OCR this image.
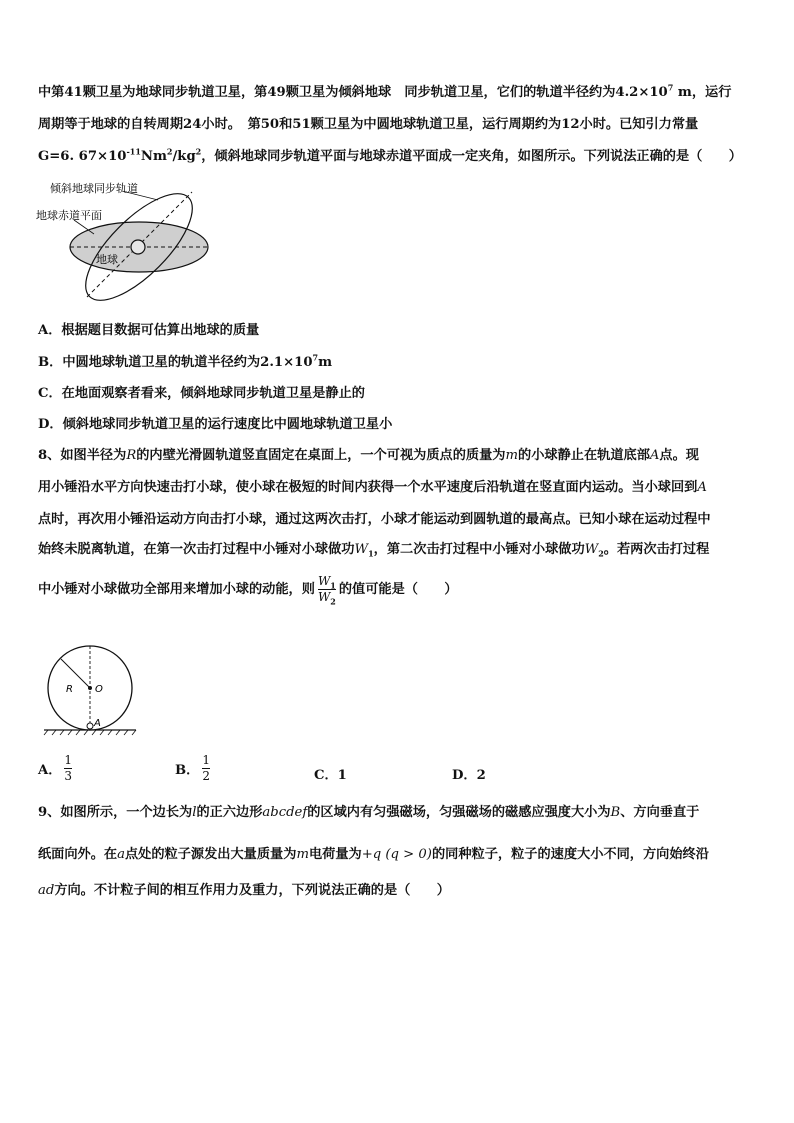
中第41颗卫星为地球同步轨道卫星，第49颗卫星为倾斜地球　同步轨道卫星，它们的轨道半径约为$4.2\times 10^7$ m，运行
周期等于地球的自转周期24小时。　第50和51颗卫星为中圆地球轨道卫星，运行周期约为12小时。已知引力常量
G=6. $67\times 10^{-11}Nm^2/kg^2$，倾斜地球同步轨道平面与地球赤道平面成一定夹角，如图所示。下列说法正确的是（　　）
倾斜地球同步轨道
地球赤道平面
地球
A．根据题目数据可估算出地球的质量
B．中圆地球轨道卫星的轨道半径约为$2.1\times 10^7m$
C．在地面观察者看来，倾斜地球同步轨道卫星是静止的
D．倾斜地球同步轨道卫星的运行速度比中圆地球轨道卫星小
8、如图半径为R的内壁光滑圆轨道竖直固定在桌面上，一个可视为质点的质量为m的小球静止在轨道底部A点。现
用小锤沿水平方向快速击打小球，使小球在极短的时间内获得一个水平速度后沿轨道在竖直面内运动。当小球回到A
点时，再次用小锤沿运动方向击打小球，通过这两次击打，小球才能运动到圆轨道的最高点。已知小球在运动过程中
始终未脱离轨道，在第一次击打过程中小锤对小球做功$W_1$，第二次击打过程中小锤对小球做功$W_2$。若两次击打过程
中小锤对小球做功全部用来增加小球的动能，则 $\frac{W_1}{W_2}$ 的值可能是（　　）
R O
A
A． $\frac{1}{3}$	B． $\frac{1}{2}$	C．1	D．2
9、如图所示，一个边长为l的正六边形abcdef的区域内有匀强磁场，匀强磁场的磁感应强度大小为B、方向垂直于
纸面向外。在a点处的粒子源发出大量质量为m电荷量为+q (q > 0)的同种粒子，粒子的速度大小不同，方向始终沿
ad方向。不计粒子间的相互作用力及重力，下列说法正确的是（　　）
